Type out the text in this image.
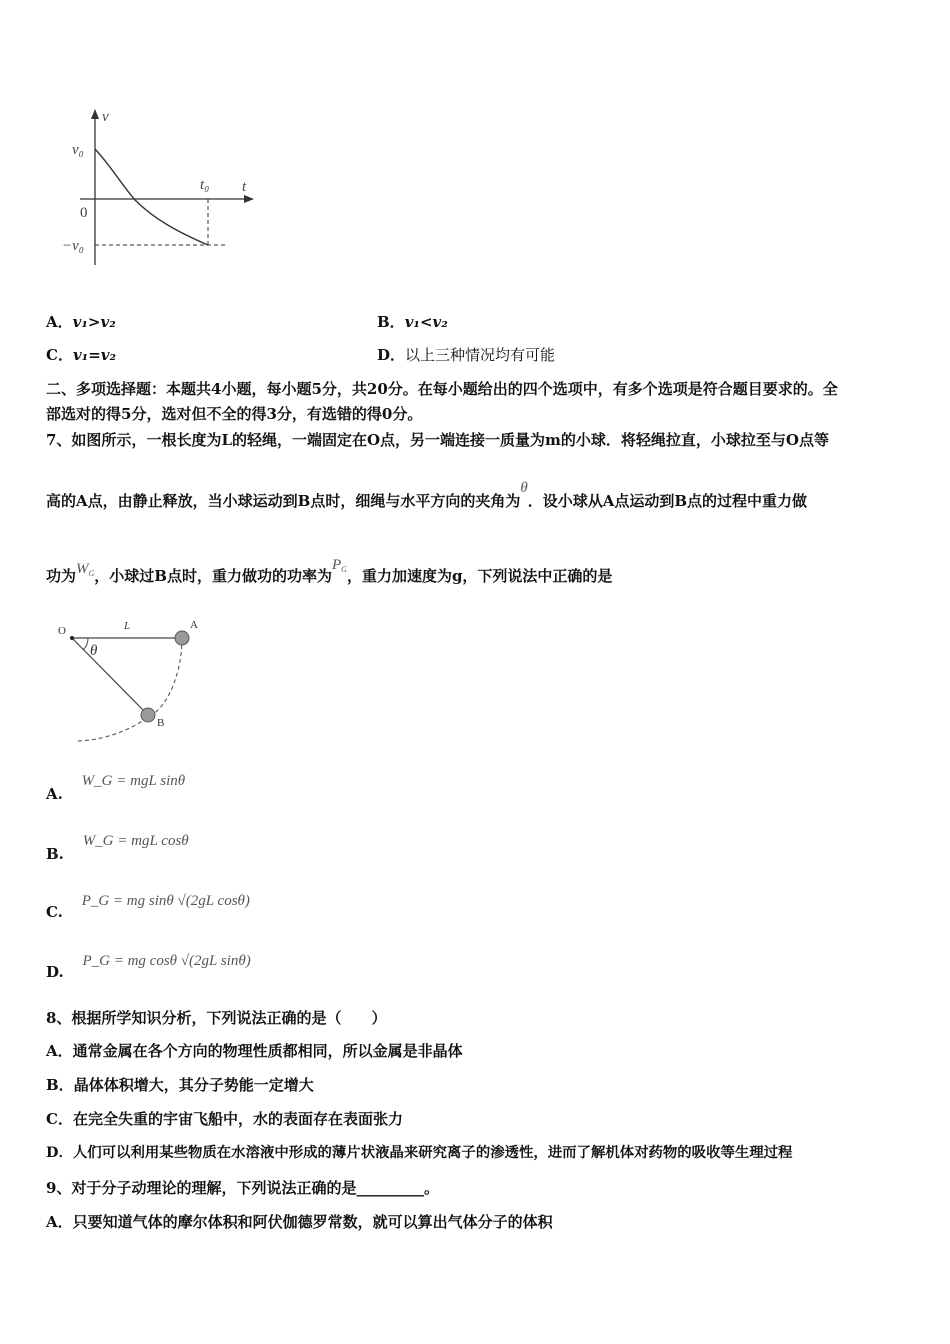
v
t
v₀
0
t₀
−v₀
A．v₁>v₂	B．v₁<v₂
C．v₁=v₂	D．以上三种情况均有可能
二、多项选择题：本题共4小题，每小题5分，共20分。在每小题给出的四个选项中，有多个选项是符合题目要求的。全
部选对的得5分，选对但不全的得3分，有选错的得0分。
7、如图所示，一根长度为L的轻绳，一端固定在O点，另一端连接一质量为m的小球．将轻绳拉直，小球拉至与O点等
高的A点，由静止释放，当小球运动到B点时，细绳与水平方向的夹角为θ．设小球从A点运动到B点的过程中重力做
功为$W_G$，小球过B点时，重力做功的功率为$P_G$，重力加速度为g，下列说法中正确的是
O	L	A
B
θ
A. W_G = mgL sinθ
B. W_G = mgL cosθ
C. P_G = mg sinθ √(2gL cosθ)
D. P_G = mg cosθ √(2gL sinθ)
8、根据所学知识分析，下列说法正确的是（　　）
A．通常金属在各个方向的物理性质都相同，所以金属是非晶体
B．晶体体积增大，其分子势能一定增大
C．在完全失重的宇宙飞船中，水的表面存在表面张力
D．人们可以利用某些物质在水溶液中形成的薄片状液晶来研究离子的渗透性，进而了解机体对药物的吸收等生理过程
9、对于分子动理论的理解，下列说法正确的是_________。
A．只要知道气体的摩尔体积和阿伏伽德罗常数，就可以算出气体分子的体积
